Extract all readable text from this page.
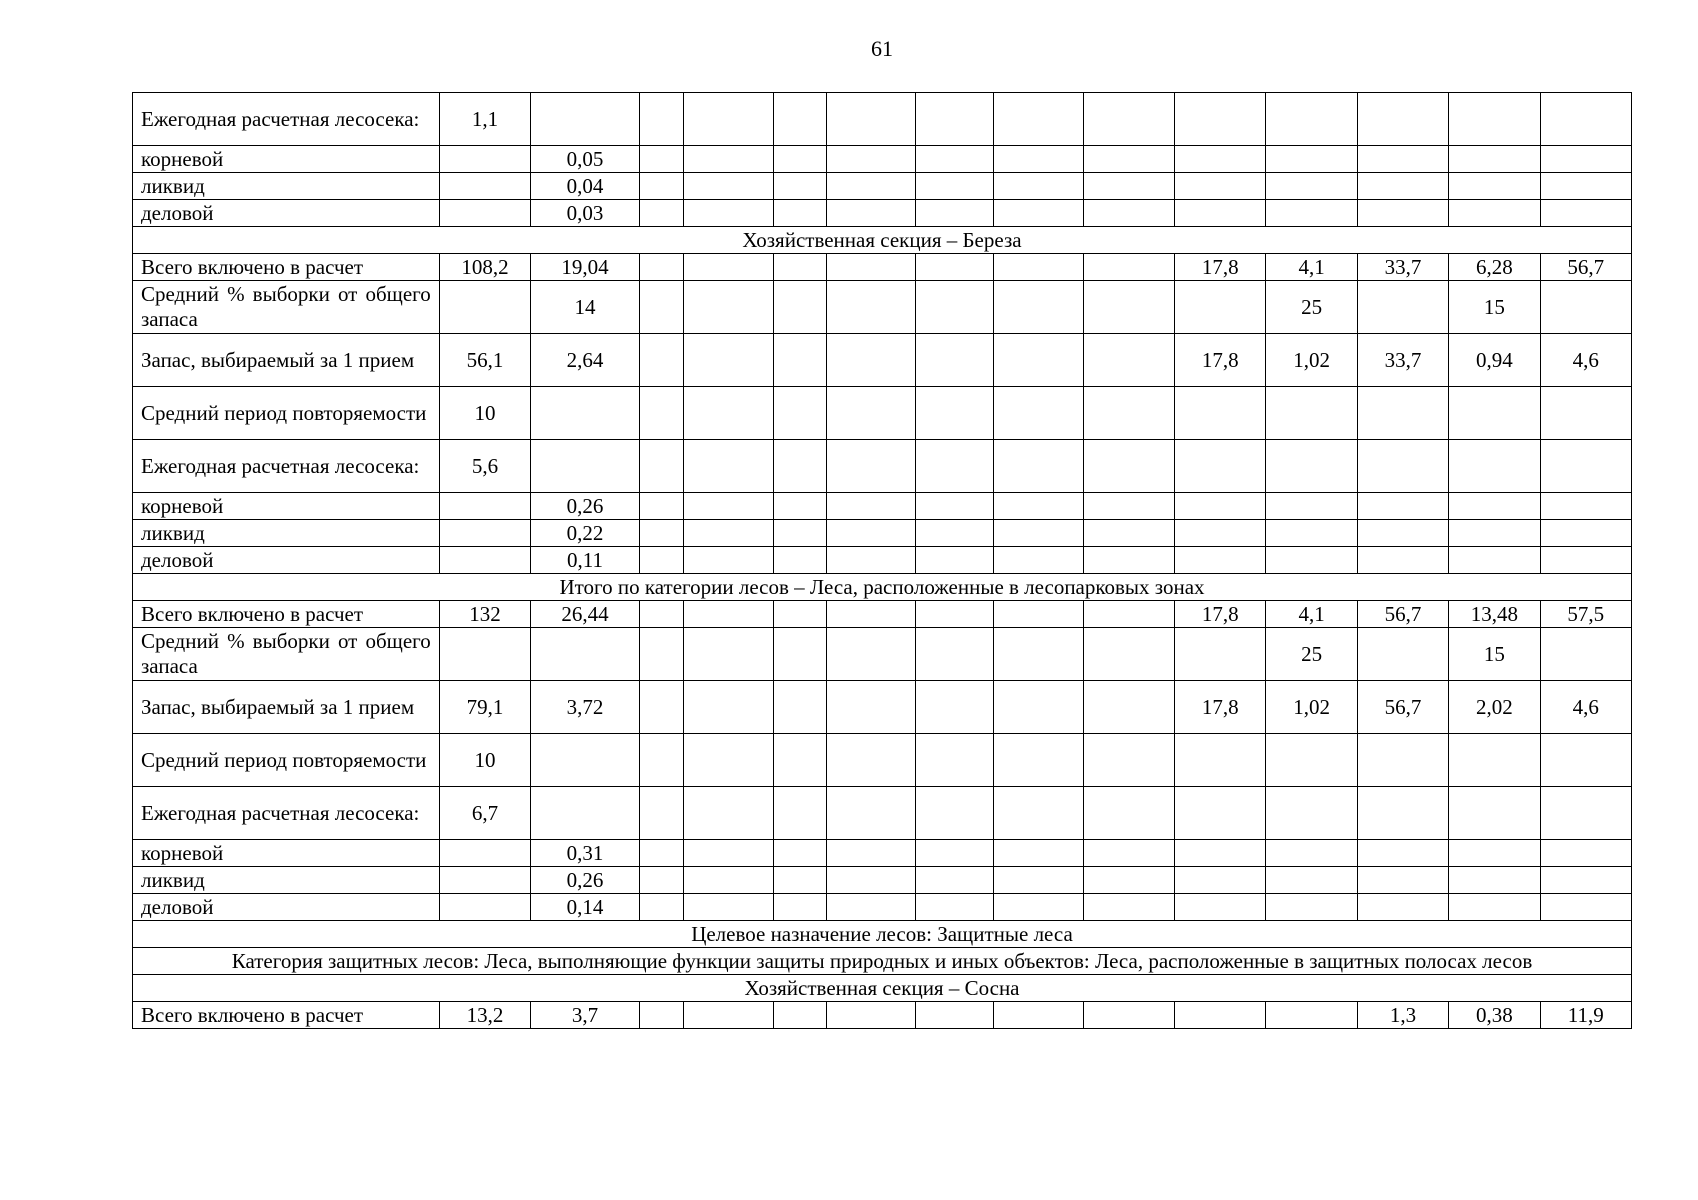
61
Ежегодная расчетная лесосека:	1,1													
корневой		0,05												
ликвид		0,04												
деловой		0,03												
Хозяйственная секция – Береза														
Всего включено в расчет	108,2	19,04								17,8	4,1	33,7	6,28	56,7
Средний % выборки от общего запаса		14									25		15	
Запас, выбираемый за 1 прием	56,1	2,64								17,8	1,02	33,7	0,94	4,6
Средний период повторяемости	10													
Ежегодная расчетная лесосека:	5,6													
корневой		0,26												
ликвид		0,22												
деловой		0,11												
Итого по категории лесов – Леса, расположенные в лесопарковых зонах														
Всего включено в расчет	132	26,44								17,8	4,1	56,7	13,48	57,5
Средний % выборки от общего запаса											25		15	
Запас, выбираемый за 1 прием	79,1	3,72								17,8	1,02	56,7	2,02	4,6
Средний период повторяемости	10													
Ежегодная расчетная лесосека:	6,7													
корневой		0,31												
ликвид		0,26												
деловой		0,14												
Целевое назначение лесов: Защитные леса														
Категория защитных лесов: Леса, выполняющие функции защиты природных и иных объектов: Леса, расположенные в защитных полосах лесов														
Хозяйственная секция – Сосна														
Всего включено в расчет	13,2	3,7										1,3	0,38	11,9
